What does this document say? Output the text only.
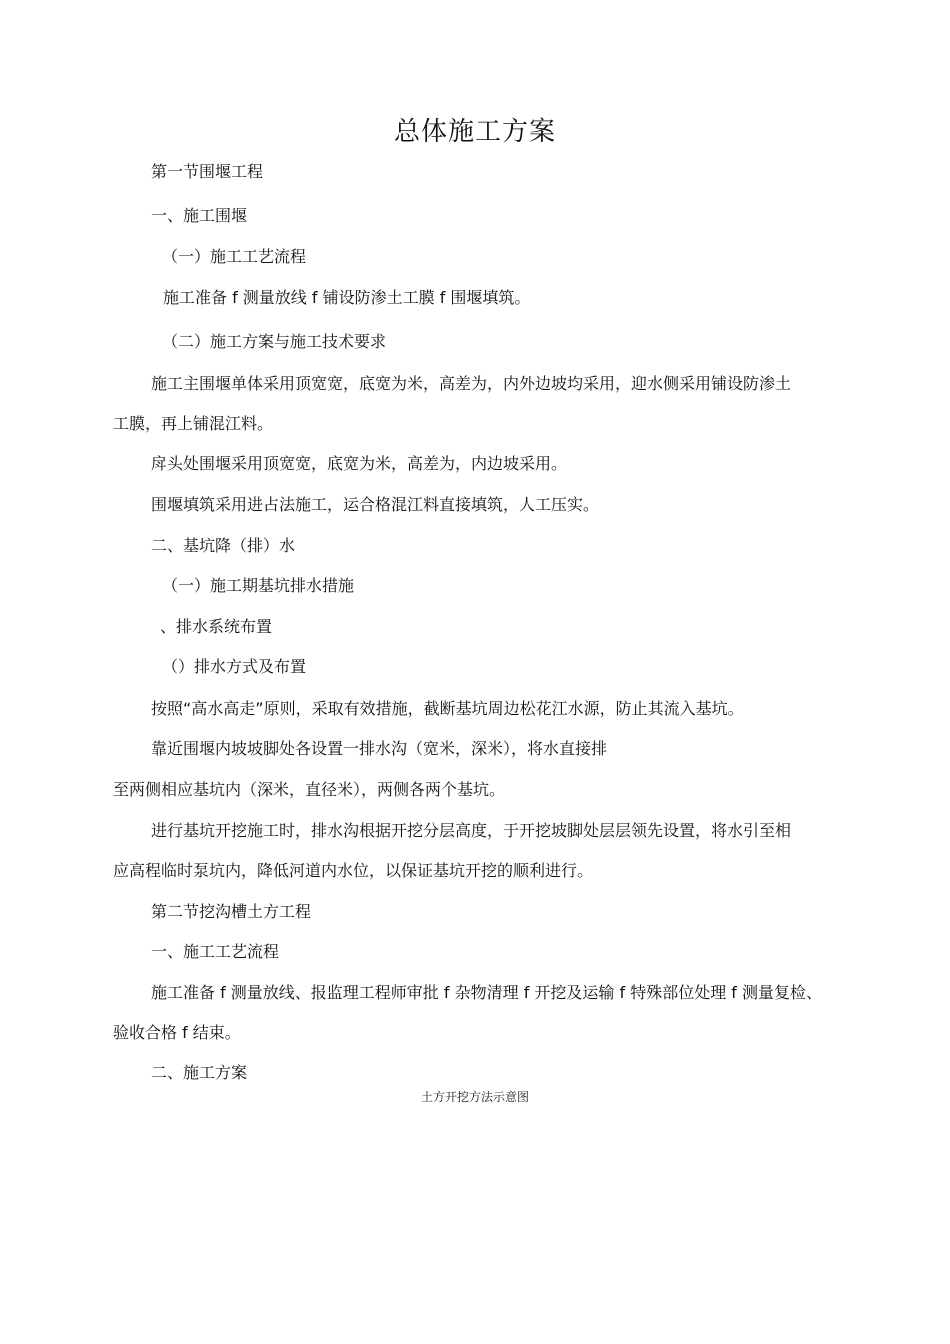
总体施工方案

第一节围堰工程

一、施工围堰

（一）施工工艺流程

施工准备 f 测量放线 f 铺设防渗土工膜 f 围堰填筑。

（二）施工方案与施工技术要求

施工主围堰单体采用顶宽宽，底宽为米，高差为，内外边坡均采用，迎水侧采用铺设防渗土

工膜，再上铺混江料。

戽头处围堰采用顶宽宽，底宽为米，高差为，内边坡采用。

围堰填筑采用进占法施工，运合格混江料直接填筑，人工压实。

二、基坑降（排）水

（一）施工期基坑排水措施

、排水系统布置

（）排水方式及布置

按照“高水高走”原则，采取有效措施，截断基坑周边松花江水源，防止其流入基坑。

靠近围堰内坡坡脚处各设置一排水沟（宽米，深米），将水直接排

至两侧相应基坑内（深米，直径米），两侧各两个基坑。

进行基坑开挖施工时，排水沟根据开挖分层高度，于开挖坡脚处层层领先设置，将水引至相

应高程临时泵坑内，降低河道内水位，以保证基坑开挖的顺利进行。

第二节挖沟槽土方工程

一、施工工艺流程

施工准备 f 测量放线、报监理工程师审批 f 杂物清理 f 开挖及运输 f 特殊部位处理 f 测量复检、

验收合格 f 结束。

二、施工方案

土方开挖方法示意图
